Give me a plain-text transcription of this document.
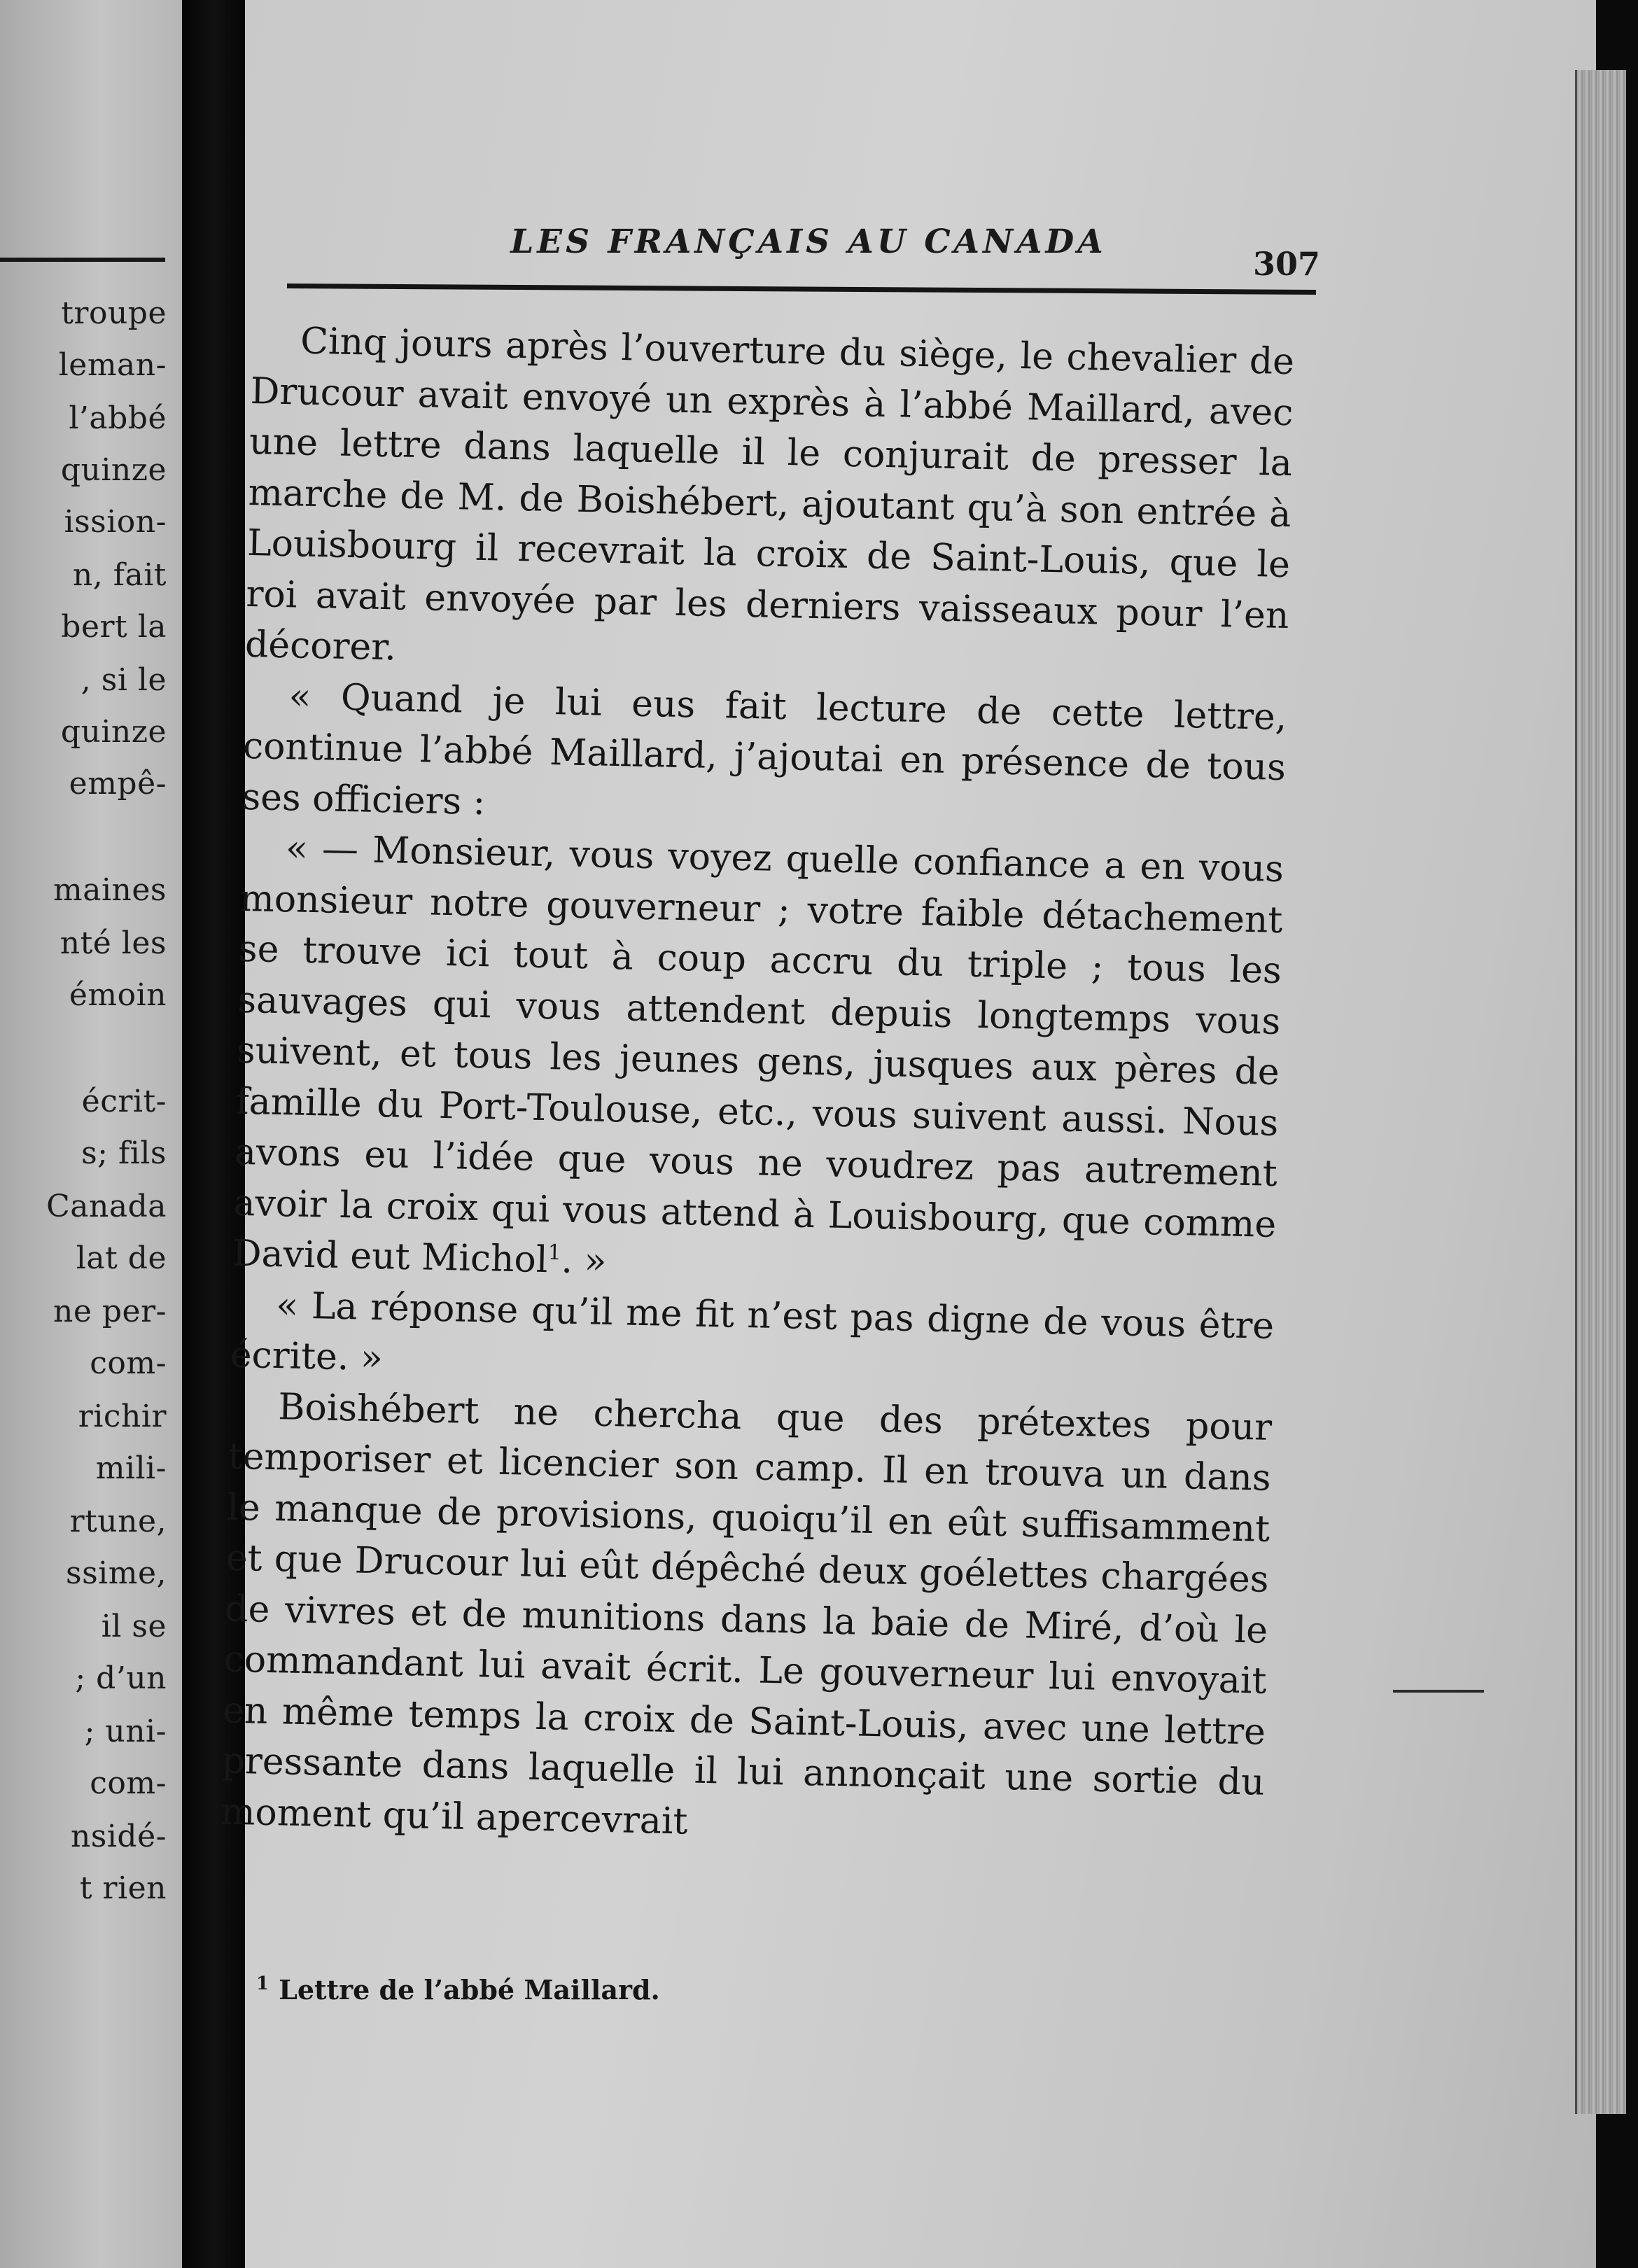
troupe
leman-
l’abbé
quinze
ission-
n, fait
bert la
, si le
quinze
empê-
maines
nté les
émoin
écrit-
s; fils
Canada
lat de
ne per-
com-
richir
mili-
rtune,
ssime,
il se
; d’un
; uni-
com-
nsidé-
t rien
LES FRANÇAIS AU CANADA
307

Cinq jours après l’ouverture du siège, le chevalier de Drucour avait envoyé un exprès à l’abbé Maillard, avec une lettre dans laquelle il le conjurait de presser la marche de M. de Boishébert, ajoutant qu’à son entrée à Louisbourg il recevrait la croix de Saint-Louis, que le roi avait envoyée par les derniers vaisseaux pour l’en décorer.

« Quand je lui eus fait lecture de cette lettre, continue l’abbé Maillard, j’ajoutai en présence de tous ses officiers :

« — Monsieur, vous voyez quelle confiance a en vous monsieur notre gouverneur ; votre faible détachement se trouve ici tout à coup accru du triple ; tous les sauvages qui vous attendent depuis longtemps vous suivent, et tous les jeunes gens, jusques aux pères de famille du Port-Toulouse, etc., vous suivent aussi. Nous avons eu l’idée que vous ne voudrez pas autrement avoir la croix qui vous attend à Louisbourg, que comme David eut Michol$^1$. »

« La réponse qu’il me fit n’est pas digne de vous être écrite. »

Boishébert ne chercha que des prétextes pour temporiser et licencier son camp. Il en trouva un dans le manque de provisions, quoiqu’il en eût suffisamment et que Drucour lui eût dépêché deux goélettes chargées de vivres et de munitions dans la baie de Miré, d’où le commandant lui avait écrit. Le gouverneur lui envoyait en même temps la croix de Saint-Louis, avec une lettre pressante dans laquelle il lui annonçait une sortie du moment qu’il apercevrait

$^1$ Lettre de l’abbé Maillard.
